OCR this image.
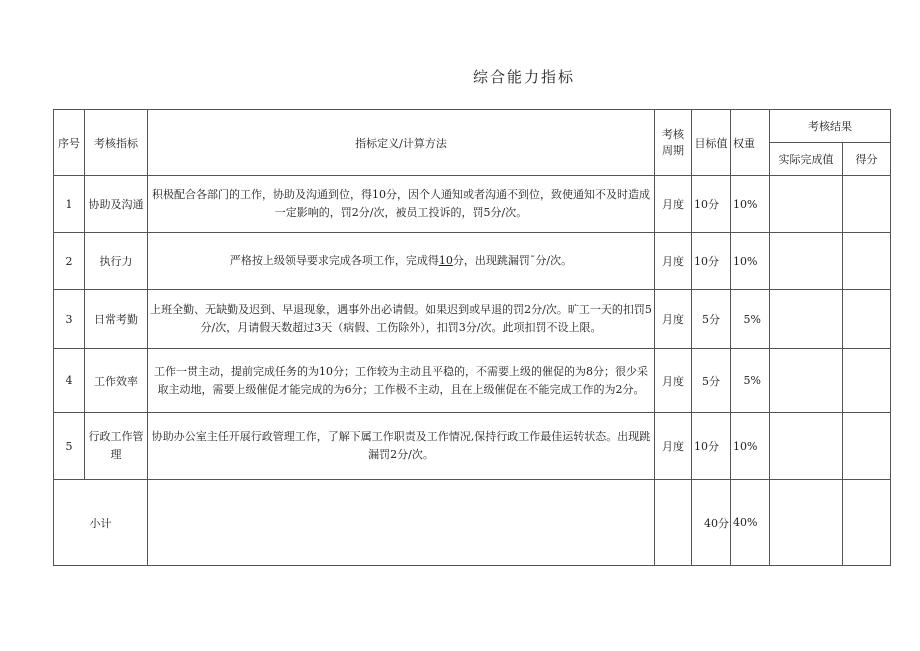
综合能力指标
序号	考核指标	指标定义/计算方法	考核周期	目标值	权重	考核结果	
						实际完成值	得分
1	协助及沟通	积极配合各部门的工作，协助及沟通到位，得10分，因个人通知或者沟通不到位，致使通知不及时造成一定影响的，罚2分/次，被员工投诉的，罚5分/次。	月度	10分	10%		
2	执行力	严格按上级领导要求完成各项工作，完成得10分，出现跳漏罚ˉ分/次。	月度	10分	10%		
3	日常考勤	上班全勤、无缺勤及迟到、早退现象，遇事外出必请假。如果迟到或早退的罚2分/次。旷工一天的扣罚5分/次，月请假天数超过3天（病假、工伤除外），扣罚3分/次。此项扣罚不设上限。	月度	5分	5%		
4	工作效率	工作一贯主动，提前完成任务的为10分；工作较为主动且平稳的，不需要上级的催促的为8分；很少采取主动地，需要上级催促才能完成的为6分；工作极不主动，且在上级催促在不能完成工作的为2分。	月度	5分	5%		
5	行政工作管理	协助办公室主任开展行政管理工作，了解下属工作职责及工作情况,保持行政工作最佳运转状态。出现跳漏罚2分/次。	月度	10分	10%		
小计				40分	40%		
